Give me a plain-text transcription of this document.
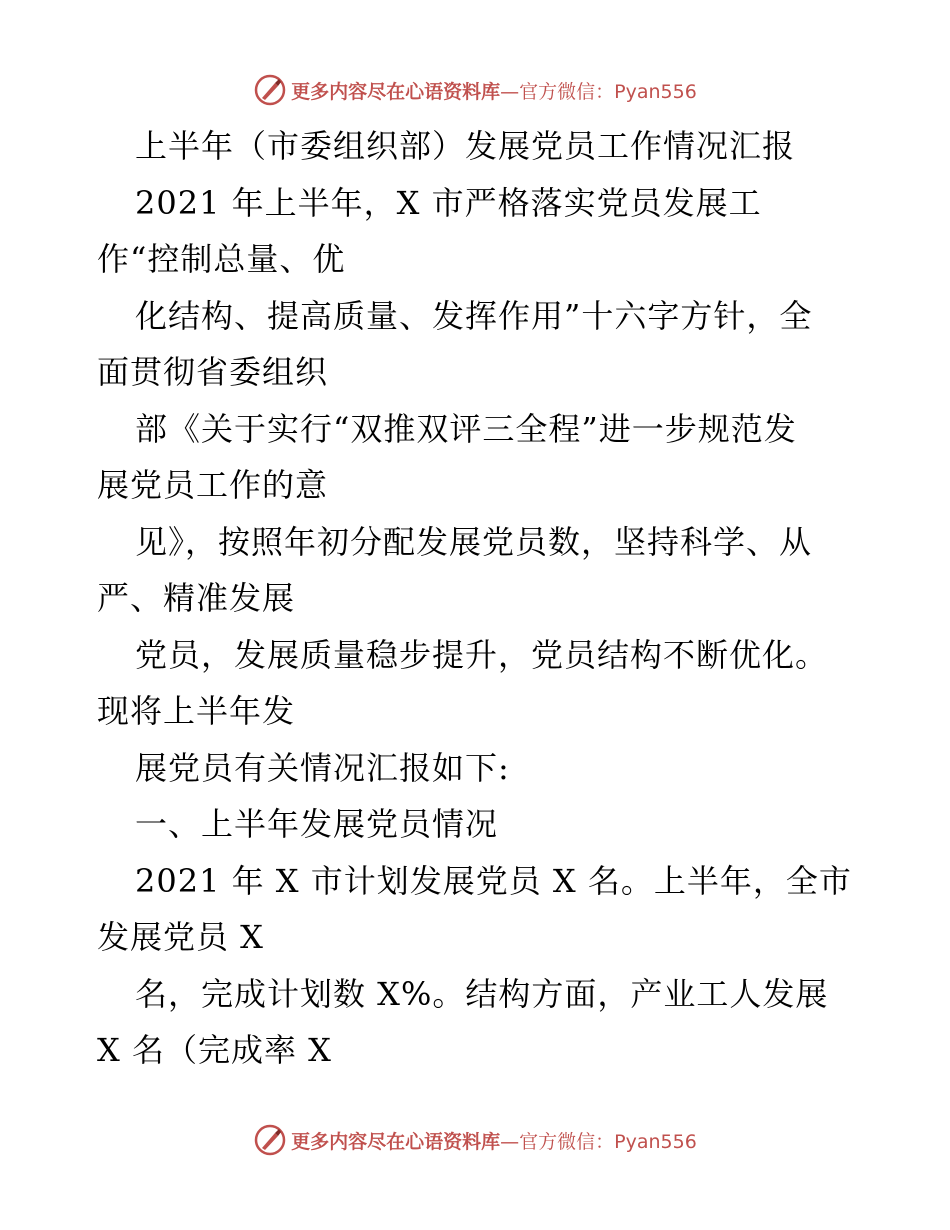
更多内容尽在心语资料库—官方微信：Pyan556
上半年（市委组织部）发展党员工作情况汇报
2021 年上半年，X 市严格落实党员发展工
作“控制总量、优
化结构、提高质量、发挥作用”十六字方针，全
面贯彻省委组织
部《关于实行“双推双评三全程”进一步规范发
展党员工作的意
见》，按照年初分配发展党员数，坚持科学、从
严、精准发展
党员，发展质量稳步提升，党员结构不断优化。
现将上半年发
展党员有关情况汇报如下:
一、上半年发展党员情况
2021 年 X 市计划发展党员 X 名。上半年，全市
发展党员 X
名，完成计划数 X%。结构方面，产业工人发展
X 名（完成率 X
更多内容尽在心语资料库—官方微信：Pyan556
